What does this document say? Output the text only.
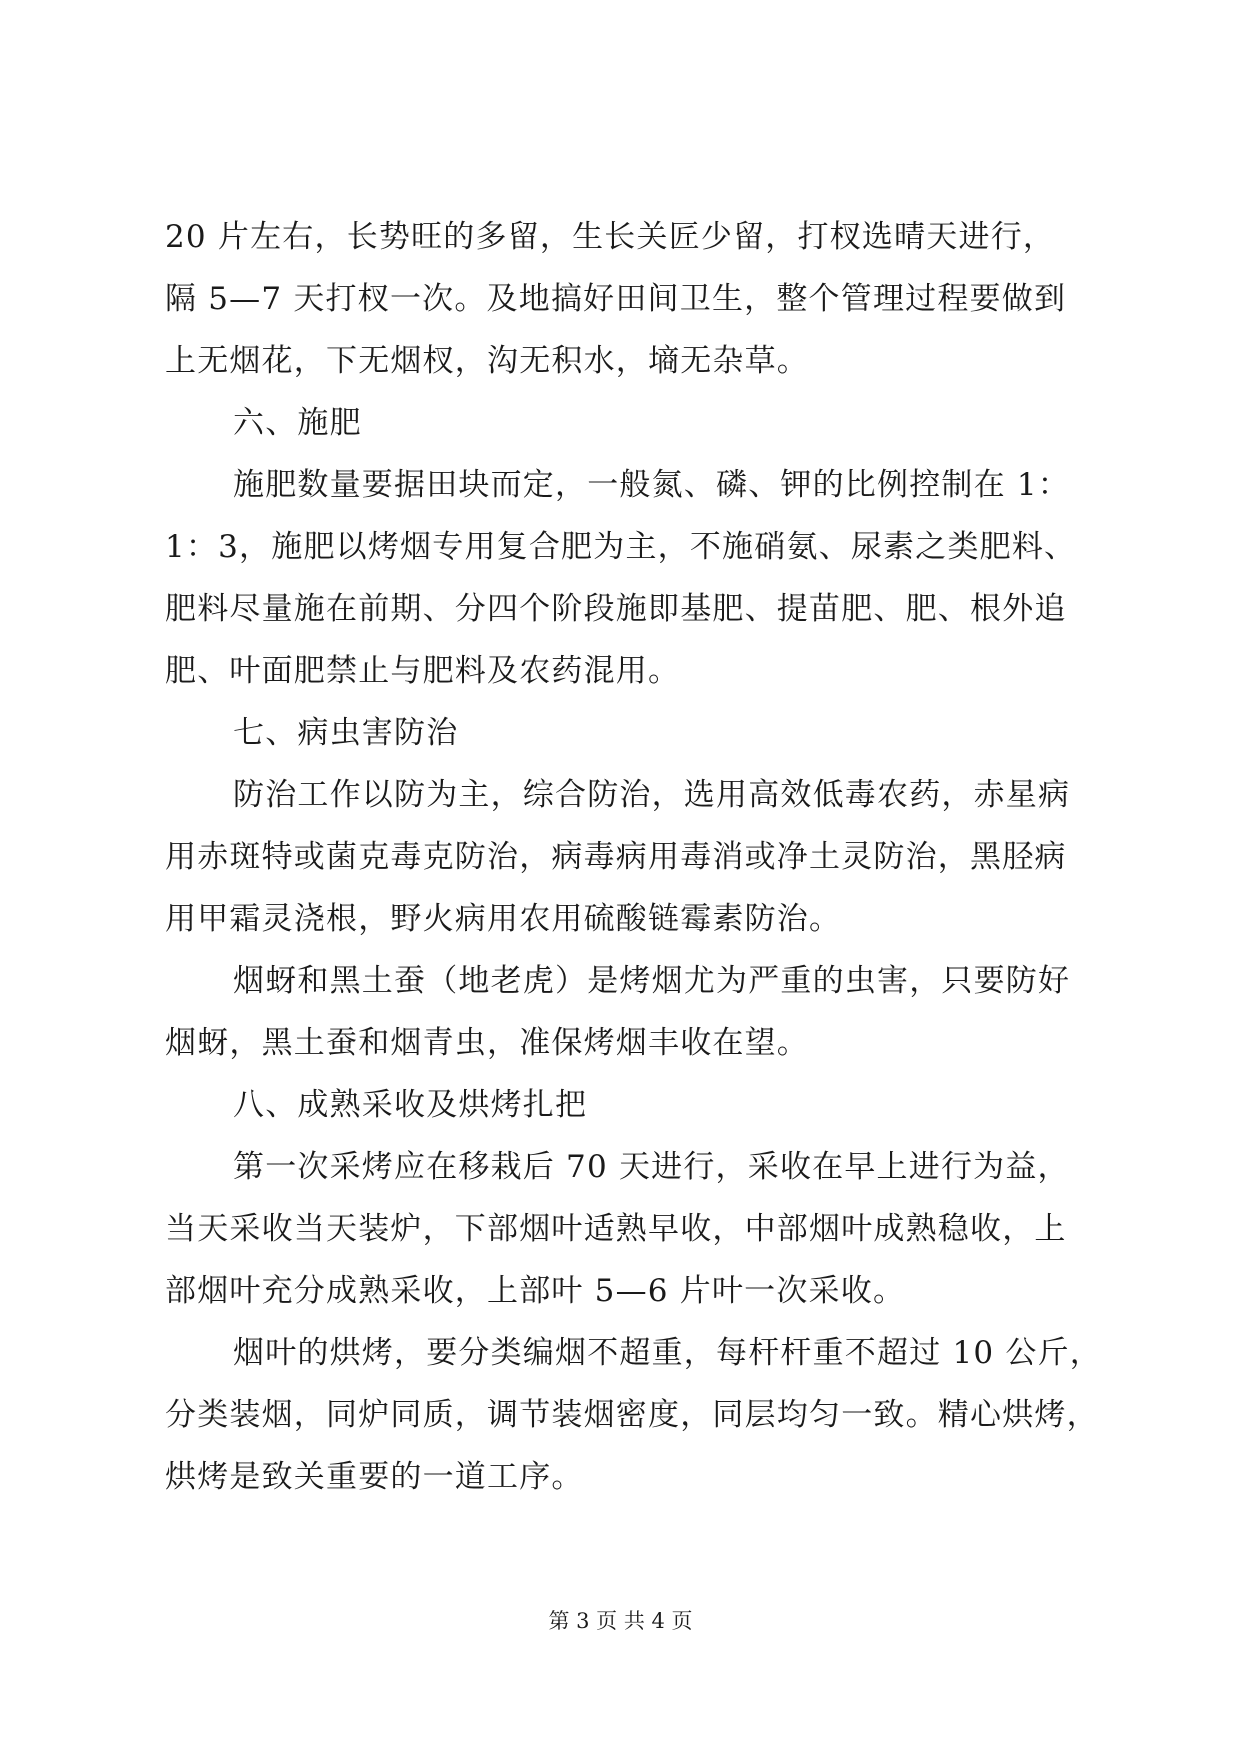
20 片左右，长势旺的多留，生长关匠少留，打杈选晴天进行，
隔 5—7 天打杈一次。及地搞好田间卫生，整个管理过程要做到
上无烟花，下无烟杈，沟无积水，墒无杂草。
六、施肥
施肥数量要据田块而定，一般氮、磷、钾的比例控制在 1：
1：3，施肥以烤烟专用复合肥为主，不施硝氨、尿素之类肥料、
肥料尽量施在前期、分四个阶段施即基肥、提苗肥、肥、根外追
肥、叶面肥禁止与肥料及农药混用。
七、病虫害防治
防治工作以防为主，综合防治，选用高效低毒农药，赤星病
用赤斑特或菌克毒克防治，病毒病用毒消或净土灵防治，黑胫病
用甲霜灵浇根，野火病用农用硫酸链霉素防治。
烟蚜和黑土蚕（地老虎）是烤烟尤为严重的虫害，只要防好
烟蚜，黑土蚕和烟青虫，准保烤烟丰收在望。
八、成熟采收及烘烤扎把
第一次采烤应在移栽后 70 天进行，采收在早上进行为益，
当天采收当天装炉，下部烟叶适熟早收，中部烟叶成熟稳收，上
部烟叶充分成熟采收，上部叶 5—6 片叶一次采收。
烟叶的烘烤，要分类编烟不超重，每杆杆重不超过 10 公斤，
分类装烟，同炉同质，调节装烟密度，同层均匀一致。精心烘烤，
烘烤是致关重要的一道工序。
第 3 页 共 4 页
